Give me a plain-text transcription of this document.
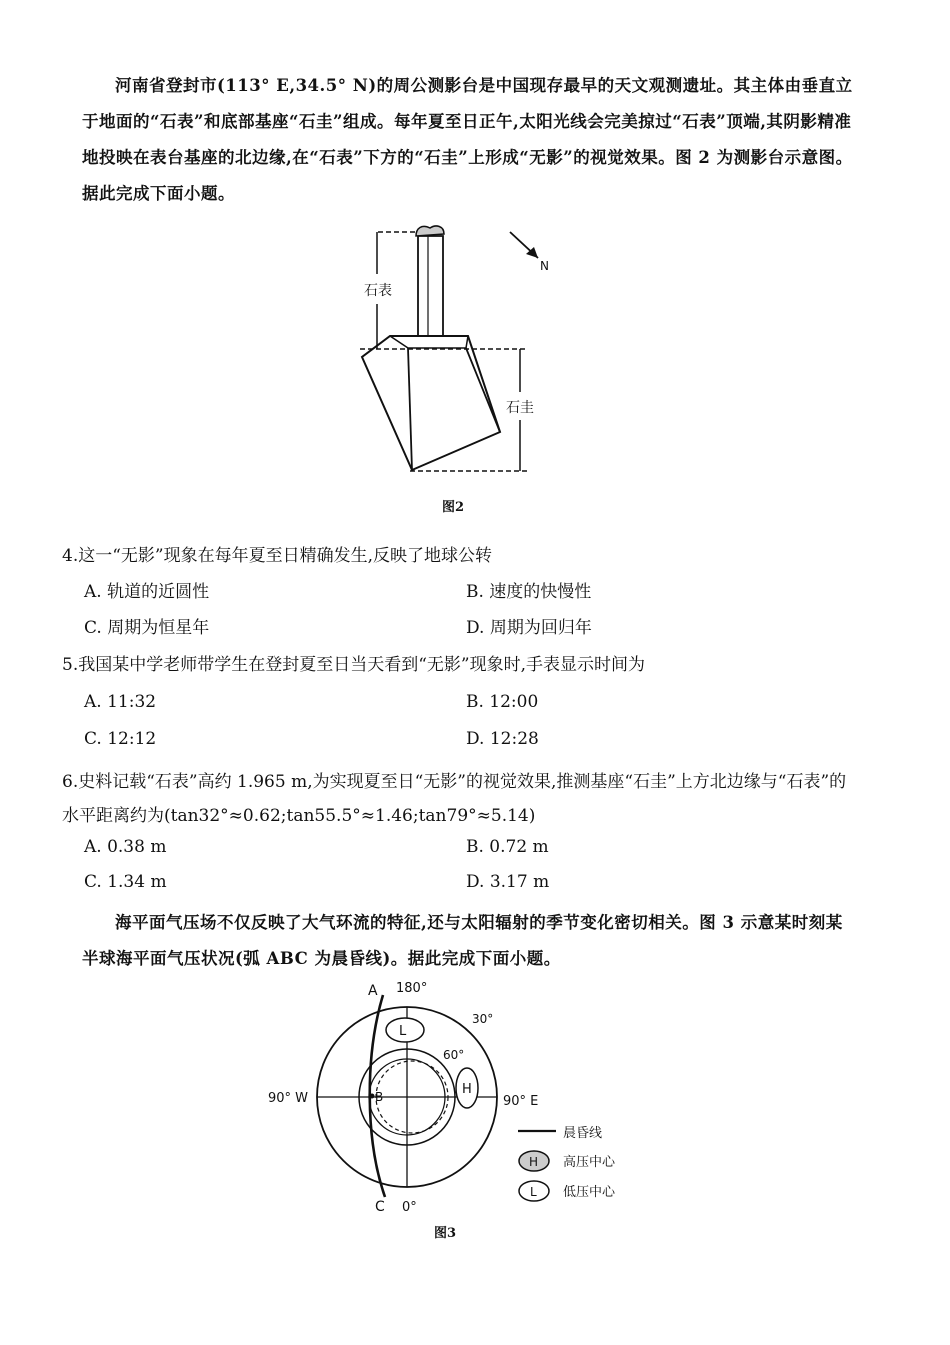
河南省登封市(113° E,34.5° N)的周公测影台是中国现存最早的天文观测遗址。其主体由垂直立于地面的“石表”和底部基座“石圭”组成。每年夏至日正午,太阳光线会完美掠过“石表”顶端,其阴影精准地投映在表台基座的北边缘,在“石表”下方的“石圭”上形成“无影”的视觉效果。图 2 为测影台示意图。据此完成下面小题。

石表
石圭
N
图2

4.这一“无影”现象在每年夏至日精确发生,反映了地球公转

A. 轨道的近圆性	B. 速度的快慢性
C. 周期为恒星年	D. 周期为回归年

5.我国某中学老师带学生在登封夏至日当天看到“无影”现象时,手表显示时间为

A. 11:32	B. 12:00
C. 12:12	D. 12:28

6.史料记载“石表”高约 1.965 m,为实现夏至日“无影”的视觉效果,推测基座“石圭”上方北边缘与“石表”的水平距离约为(tan32°≈0.62;tan55.5°≈1.46;tan79°≈5.14)

A. 0.38 m	B. 0.72 m
C. 1.34 m	D. 3.17 m

海平面气压场不仅反映了大气环流的特征,还与太阳辐射的季节变化密切相关。图 3 示意某时刻某半球海平面气压状况(弧 ABC 为晨昏线)。据此完成下面小题。

L
H
A 180°
30°
60°
B
90° W	90° E
C 0°
晨昏线
H 高压中心
L 低压中心
图3
